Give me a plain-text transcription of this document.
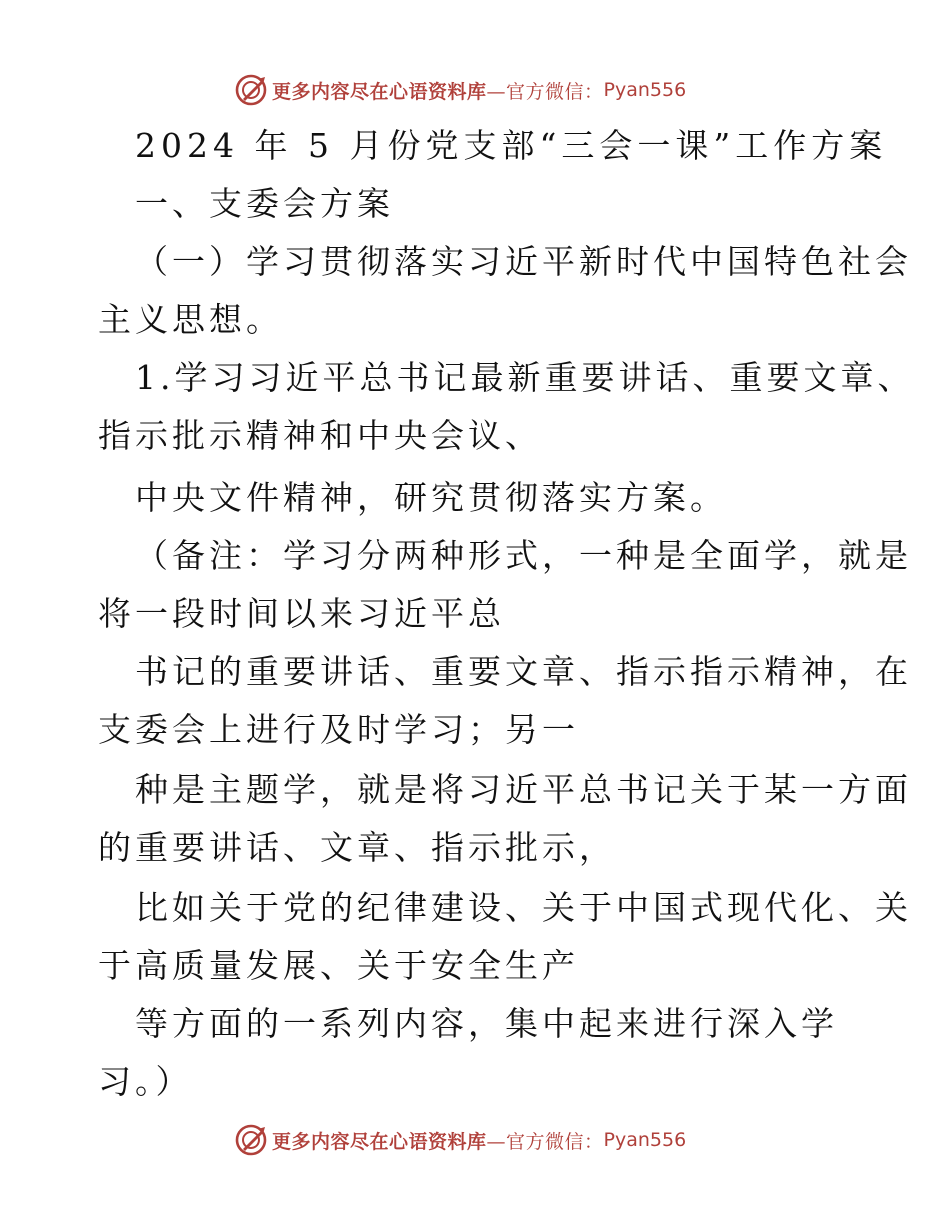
更多内容尽在心语资料库 —官方微信： Pyan556
2024 年 5 月份党支部“三会一课”工作方案
一、支委会方案
（一）学习贯彻落实习近平新时代中国特色社会
主义思想。
1.学习习近平总书记最新重要讲话、重要文章、
指示批示精神和中央会议、
中央文件精神，研究贯彻落实方案。
（备注：学习分两种形式，一种是全面学，就是
将一段时间以来习近平总
书记的重要讲话、重要文章、指示指示精神，在
支委会上进行及时学习；另一
种是主题学，就是将习近平总书记关于某一方面
的重要讲话、文章、指示批示，
比如关于党的纪律建设、关于中国式现代化、关
于高质量发展、关于安全生产
等方面的一系列内容，集中起来进行深入学
习。）
更多内容尽在心语资料库 —官方微信： Pyan556
